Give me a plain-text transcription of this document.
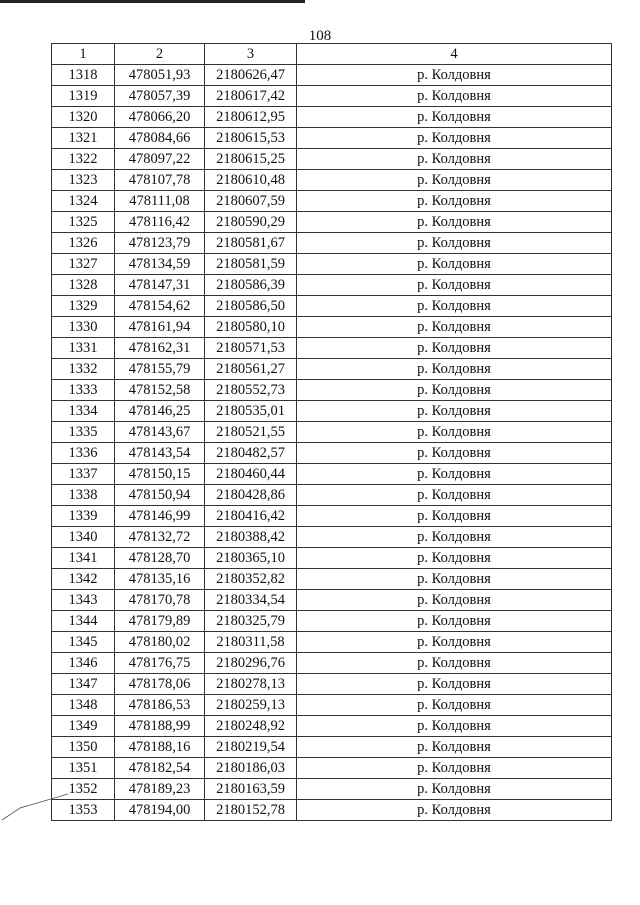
108
1	2	3	4
1318	478051,93	2180626,47	р. Колдовня
1319	478057,39	2180617,42	р. Колдовня
1320	478066,20	2180612,95	р. Колдовня
1321	478084,66	2180615,53	р. Колдовня
1322	478097,22	2180615,25	р. Колдовня
1323	478107,78	2180610,48	р. Колдовня
1324	478111,08	2180607,59	р. Колдовня
1325	478116,42	2180590,29	р. Колдовня
1326	478123,79	2180581,67	р. Колдовня
1327	478134,59	2180581,59	р. Колдовня
1328	478147,31	2180586,39	р. Колдовня
1329	478154,62	2180586,50	р. Колдовня
1330	478161,94	2180580,10	р. Колдовня
1331	478162,31	2180571,53	р. Колдовня
1332	478155,79	2180561,27	р. Колдовня
1333	478152,58	2180552,73	р. Колдовня
1334	478146,25	2180535,01	р. Колдовня
1335	478143,67	2180521,55	р. Колдовня
1336	478143,54	2180482,57	р. Колдовня
1337	478150,15	2180460,44	р. Колдовня
1338	478150,94	2180428,86	р. Колдовня
1339	478146,99	2180416,42	р. Колдовня
1340	478132,72	2180388,42	р. Колдовня
1341	478128,70	2180365,10	р. Колдовня
1342	478135,16	2180352,82	р. Колдовня
1343	478170,78	2180334,54	р. Колдовня
1344	478179,89	2180325,79	р. Колдовня
1345	478180,02	2180311,58	р. Колдовня
1346	478176,75	2180296,76	р. Колдовня
1347	478178,06	2180278,13	р. Колдовня
1348	478186,53	2180259,13	р. Колдовня
1349	478188,99	2180248,92	р. Колдовня
1350	478188,16	2180219,54	р. Колдовня
1351	478182,54	2180186,03	р. Колдовня
1352	478189,23	2180163,59	р. Колдовня
1353	478194,00	2180152,78	р. Колдовня
